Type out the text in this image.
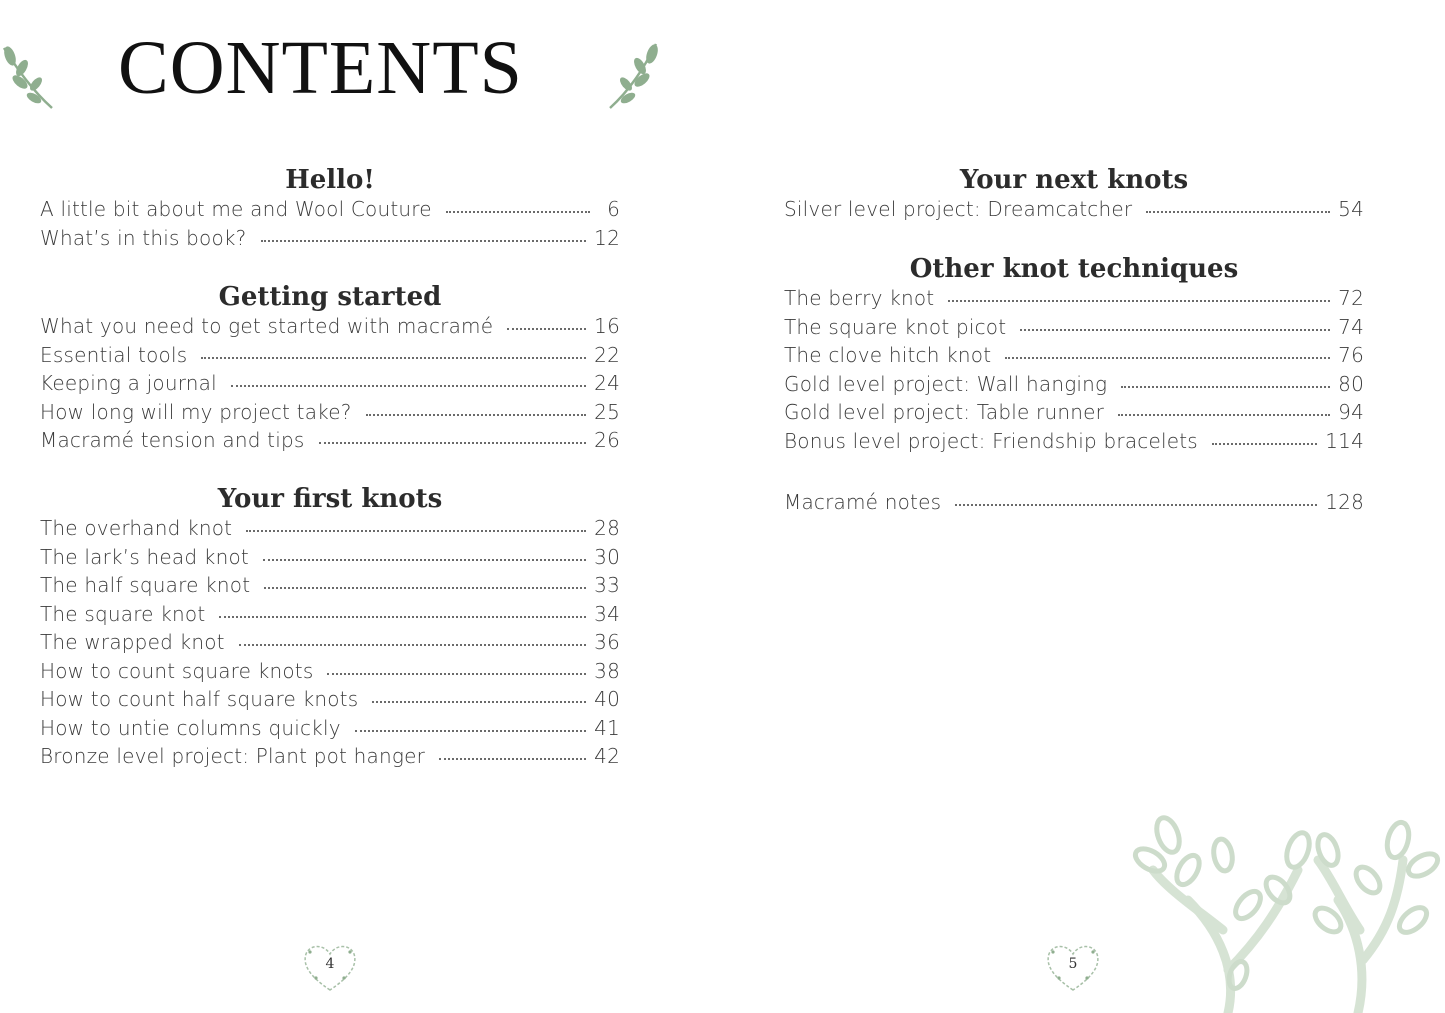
CONTENTS
Hello!
A little bit about me and Wool Couture	6
What’s in this book?	12
Getting started
What you need to get started with macramé	16
Essential tools	22
Keeping a journal	24
How long will my project take?	25
Macramé tension and tips	26
Your first knots
The overhand knot	28
The lark’s head knot	30
The half square knot	33
The square knot	34
The wrapped knot	36
How to count square knots	38
How to count half square knots	40
How to untie columns quickly	41
Bronze level project: Plant pot hanger	42
4
Your next knots
Silver level project: Dreamcatcher	54
Other knot techniques
The berry knot	72
The square knot picot	74
The clove hitch knot	76
Gold level project: Wall hanging	80
Gold level project: Table runner	94
Bonus level project: Friendship bracelets	114
Macramé notes	128
5
